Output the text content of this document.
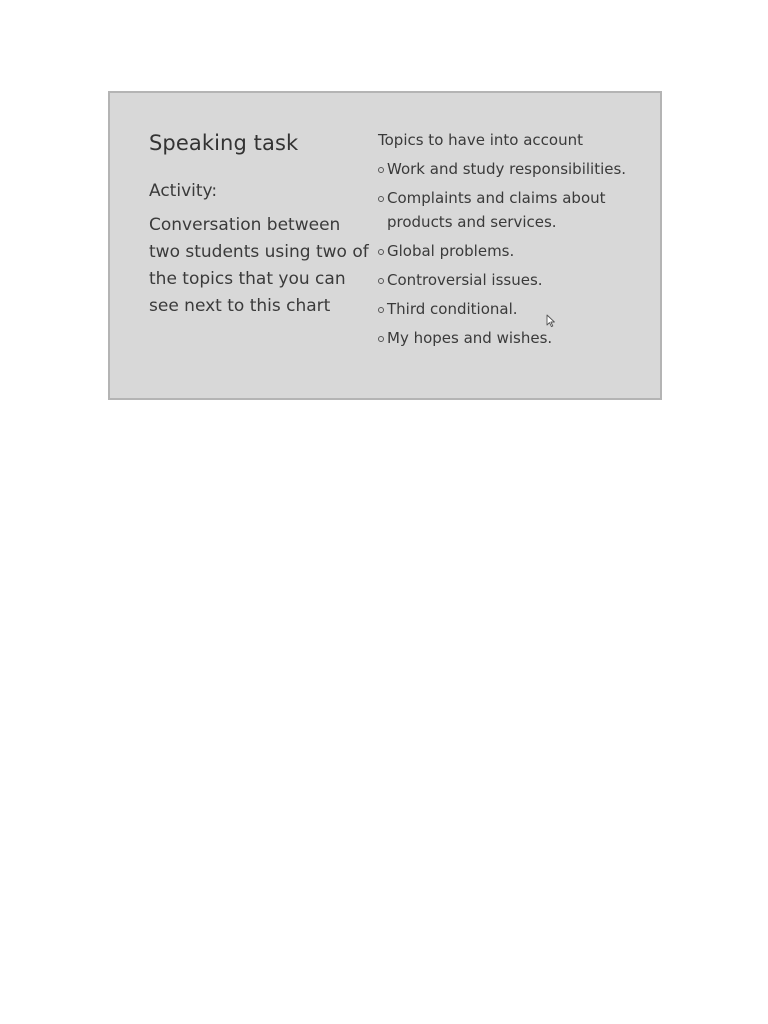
Speaking task
Activity:
Conversation between
two students using two of
the topics that you can
see next to this chart
Topics to have into account
Work and study responsibilities.
Complaints and claims about
products and services.
Global problems.
Controversial issues.
Third conditional.
My hopes and wishes.
